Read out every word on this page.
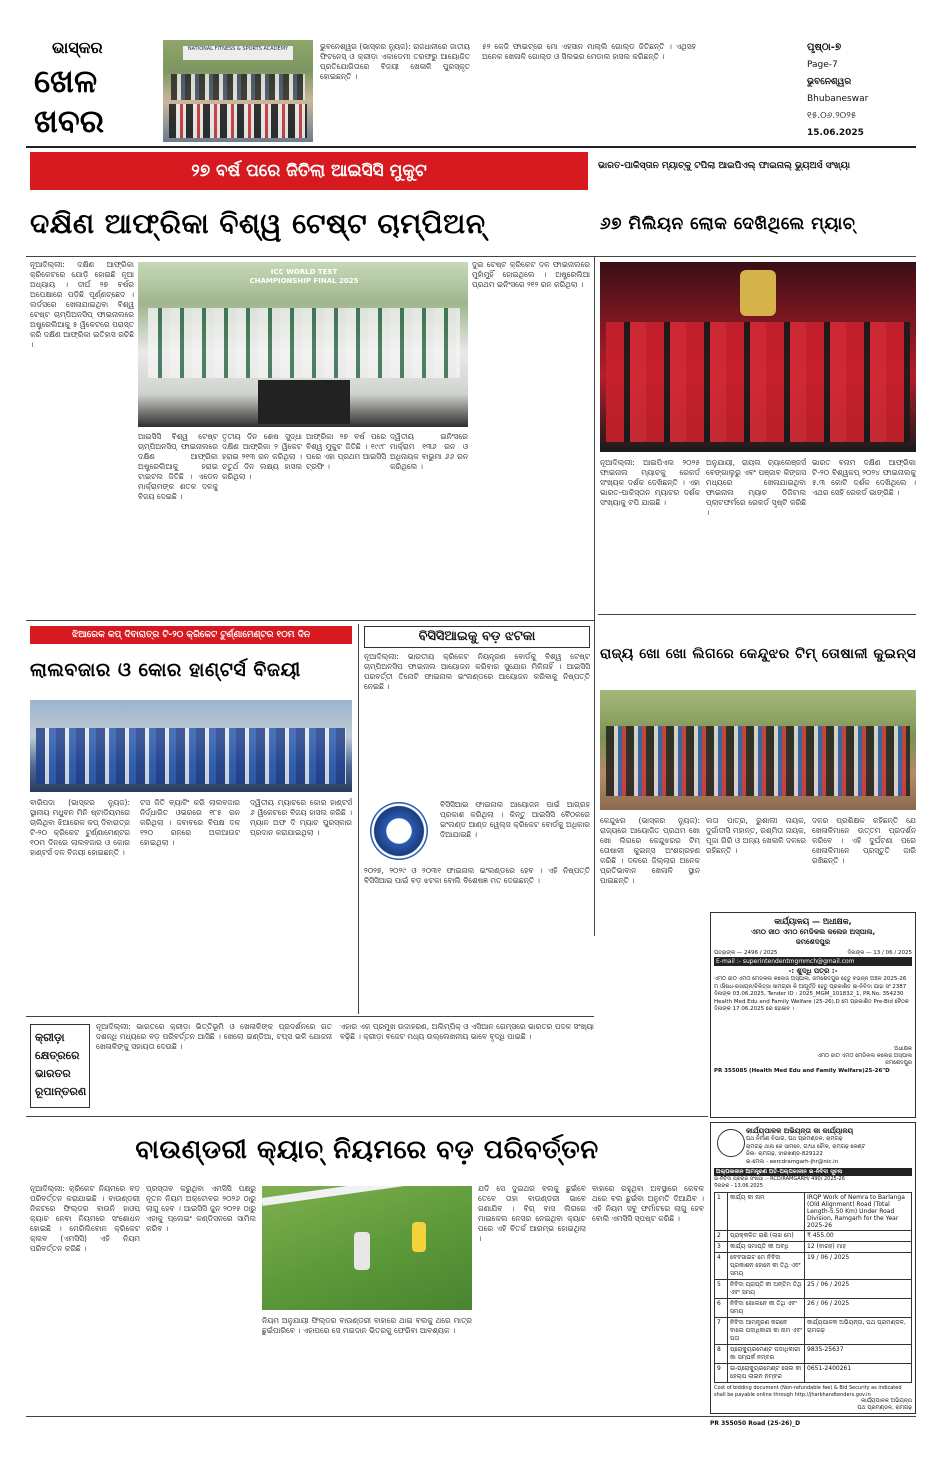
ଭାସ୍କର
ଖେଳ
ଖବର
NATIONAL FITNESS & SPORTS ACADEMY	ଭୁବନେଶ୍ୱର (ଭାସ୍କର ନ୍ୟୁଜ): ରାଜଧାନୀରେ ଜାତୀୟ ଫିଟନେସ୍ ଓ କ୍ରୀଡ଼ା ଏକାଡେମୀ ତରଫରୁ ଆୟୋଜିତ ପ୍ରତିଯୋଗିତାରେ ବିଜୟୀ ଖେଳାଳି ପୁରସ୍କୃତ ହୋଇଛନ୍ତି ।
୫୨ କେଜି ଫାଇଟ୍‌ରେ ମୋ ଏହସାନ ମାଲ୍ଲି ଗୋଲ୍ଡ ଜିତିଛନ୍ତି । ଏଥିସହ ଅନେକ ଖେଳାଳି ଗୋଲ୍ଡ ଓ ସିଲଭର ମେଡାଲ ହାସଲ କରିଛନ୍ତି ।
ପୃଷ୍ଠା-୭
Page-7
ଭୁବନେଶ୍ୱର
Bhubaneswar
୧୫.୦୬.୨୦୨୫
15.06.2025
୨୭ ବର୍ଷ ପରେ ଜିତିଲା ଆଇସିସି ମୁକୁଟ	ଭାରତ-ପାକିସ୍ତାନ ମ୍ୟାଚ୍‌କୁ ଟପିଲା ଆଇପିଏଲ୍ ଫାଇନାଲ୍ ଭ୍ୟୁଅର୍ସ ସଂଖ୍ୟା
ଦକ୍ଷିଣ ଆଫ୍ରିକା ବିଶ୍ୱ ଟେଷ୍ଟ ଚାମ୍ପିଅନ୍	୬୭ ମିଲିୟନ ଲୋକ ଦେଖିଥିଲେ ମ୍ୟାଚ୍
ନୂଆଦିଲ୍ଲୀ: ଦକ୍ଷିଣ ଆଫ୍ରିକା କ୍ରିକେଟରେ ଯୋଡ଼ି ହୋଇଛି ନୂଆ ଅଧ୍ୟାୟ । ଦୀର୍ଘ ୨୭ ବର୍ଷର ଅପେକ୍ଷାରେ ପଡ଼ିଛି ପୂର୍ଣ୍ଣଚ୍ଛେଦ । ଲର୍ଡସରେ ଖେଳାଯାଇଥିବା ବିଶ୍ୱ ଟେଷ୍ଟ ଚାମ୍ପିଅନସିପ୍ ଫାଇନାଲରେ ଅଷ୍ଟ୍ରେଲିଆକୁ ୫ ୱିକେଟରେ ପରାସ୍ତ କରି ଦକ୍ଷିଣ ଆଫ୍ରିକା ଇତିହାସ ରଚିଛି ।
ICC WORLD TEST CHAMPIONSHIP FINAL 2025
ଦୁଇ ଟେଷ୍ଟ କ୍ରିକେଟ ଦଳ ଫାଇନାଲରେ ମୁହାଁମୁହିଁ ହୋଇଥିଲେ । ଅଷ୍ଟ୍ରେଲିଆ ପ୍ରଥମ ଇନିଂସରେ ୨୧୨ ରନ କରିଥିଲା ।
ଆଇସିସି ବିଶ୍ୱ ଟେଷ୍ଟ ଚାମ୍ପିଅନସିପ୍ ଫାଇନାଲରେ ଦକ୍ଷିଣ ଆଫ୍ରିକା ଅଷ୍ଟ୍ରେଲିଆକୁ ହରାଇ ଟାଇଟଲ ଜିତିଛି । ଏଡେନ ମାର୍କ୍ରାମଙ୍କ ଶତକ ଦଳକୁ ବିଜୟ ଦେଇଛି ।
ତୃତୀୟ ଦିନ ଶେଷ ସୁଦ୍ଧା ଦକ୍ଷିଣ ଆଫ୍ରିକା ୨ ୱିକେଟ ହରାଇ ୨୧୩ ରନ କରିଥିଲା । ଚତୁର୍ଥ ଦିନ ଲକ୍ଷ୍ୟ ହାସଲ କରିଥିଲା ।
ଆଫ୍ରିକା ୨୭ ବର୍ଷ ପରେ ବିଶ୍ୱ ମୁକୁଟ ଜିତିଛି । ୧୯୯୮ ପରେ ଏହା ପ୍ରଥମ ଆଇସିସି ଟ୍ରଫି ।
ଦ୍ୱିତୀୟ ଇନିଂସରେ ମାର୍କ୍ରାମ ୧୩୬ ରନ ଓ ଅଧିନାୟକ ବାଭୁମା ୬୬ ରନ କରିଥିଲେ ।	ନୂଆଦିଲ୍ଲୀ: ଆଇପିଏଲ ୨୦୨୫ ଫାଇନାଲ ମ୍ୟାଚକୁ ରେକର୍ଡ ସଂଖ୍ୟକ ଦର୍ଶକ ଦେଖିଛନ୍ତି । ଏହା ଭାରତ-ପାକିସ୍ତାନ ମ୍ୟାଚର ଦର୍ଶକ ସଂଖ୍ୟାକୁ ଟପି ଯାଇଛି ।
ଅନୁଯାୟୀ, ରାୟଲ ଚ୍ୟାଲେଞ୍ଜର୍ସ ବେଙ୍ଗାଲୁରୁ ଏବଂ ପଞ୍ଜାବ କିଙ୍ଗସ ମଧ୍ୟରେ ଖେଳାଯାଇଥିବା ଫାଇନାଲ ମ୍ୟାଚ ଡିଜିଟାଲ ପ୍ଲାଟଫର୍ମରେ ରେକର୍ଡ ସୃଷ୍ଟି କରିଛି ।
ଭାରତ ବନାମ ଦକ୍ଷିଣ ଆଫ୍ରିକା ଟି-୨୦ ବିଶ୍ୱକପ୍ ୨୦୨୪ ଫାଇନାଲକୁ ୫.୩ କୋଟି ଦର୍ଶକ ଦେଖିଥିଲେ । ଏଥର ସେହି ରେକର୍ଡ ଭାଙ୍ଗିଛି ।
ଝିଆରେକ କପ୍ ଦିବାରାତ୍ର ଟି-୨୦ କ୍ରିକେଟ ଟୁର୍ଣ୍ଣାମେଣ୍ଟର ୧୦ମ ଦିନ
ଲାଲବଜାର ଓ କୋର ହାଣ୍ଟର୍ସ ବିଜୟୀ
ବାରିପଦା (ଭାସ୍କର ନ୍ୟୁଜ): ସ୍ଥାନୀୟ ମଧୁବନ ମିନି ଷ୍ଟାଡିୟମରେ ଚାଲିଥିବା ଝିଆରେକ କପ୍ ଦିବାରାତ୍ର ଟି-୨୦ କ୍ରିକେଟ ଟୁର୍ଣ୍ଣାମେଣ୍ଟର ୧୦ମ ଦିନରେ ଲାଲବଜାର ଓ କୋର ହାଣ୍ଟର୍ସ ଦଳ ବିଜୟୀ ହୋଇଛନ୍ତି ।
ଟସ ଜିତି ବ୍ୟାଟିଂ କରି ଲାଲବଜାର ନିର୍ଦ୍ଧାରିତ ଓଭରରେ ୧୮୫ ରନ କରିଥିଲା । ଜବାବରେ ବିପକ୍ଷ ଦଳ ୧୨୦ ରନରେ ଅଲଆଉଟ ହୋଇଥିଲା ।
ଦ୍ୱିତୀୟ ମ୍ୟାଚରେ କୋର ହାଣ୍ଟର୍ସ ୬ ୱିକେଟରେ ବିଜୟ ହାସଲ କରିଛି । ମ୍ୟାନ ଅଫ ଦି ମ୍ୟାଚ ପୁରସ୍କାର ପ୍ରଦାନ କରାଯାଇଥିଲା ।
ବିସିସିଆଇକୁ ବଡ଼ ଝଟକା
ନୂଆଦିଲ୍ଲୀ: ଭାରତୀୟ କ୍ରିକେଟ ନିୟନ୍ତ୍ରଣ ବୋର୍ଡକୁ ବିଶ୍ୱ ଟେଷ୍ଟ ଚାମ୍ପିଅନସିପ ଫାଇନାଲ ଆୟୋଜନ କରିବାର ସୁଯୋଗ ମିଳିନାହିଁ । ଆଇସିସି ପରବର୍ତ୍ତୀ ତିନୋଟି ଫାଇନାଲ ଇଂଲଣ୍ଡରେ ଆୟୋଜନ କରିବାକୁ ନିଷ୍ପତ୍ତି ନେଇଛି ।
ବିସିସିଆଇ ଫାଇନାଲ ଆୟୋଜନ ପାଇଁ ଆଗ୍ରହ ପ୍ରକାଶ କରିଥିଲା । କିନ୍ତୁ ଆଇସିସି ବୈଠକରେ ଇଂଲଣ୍ଡ ଆଣ୍ଡ ୱେଲ୍ସ କ୍ରିକେଟ ବୋର୍ଡକୁ ଅଧିକାର ଦିଆଯାଇଛି ।
୨୦୨୭, ୨୦୨୯ ଓ ୨୦୩୧ ଫାଇନାଲ ଇଂଲଣ୍ଡରେ ହେବ । ଏହି ନିଷ୍ପତ୍ତି ବିସିସିଆଇ ପାଇଁ ବଡ଼ ଝଟକା ବୋଲି ବିଶେଷଜ୍ଞ ମତ ଦେଇଛନ୍ତି ।
ରାଜ୍ୟ ଖୋ ଖୋ ଲିଗରେ କେନ୍ଦୁଝର ଟିମ୍ ତୋଷାଳୀ କୁଇନ୍ସ
କେନ୍ଦୁଝର (ଭାସ୍କର ନ୍ୟୁଜ): ରାଜ୍ୟରେ ଆୟୋଜିତ ପ୍ରଥମ ଖୋ ଖୋ ଲିଗରେ କେନ୍ଦୁଝରର ଟିମ୍ ତୋଷାଳୀ କୁଇନ୍ସ ଅଂଶଗ୍ରହଣ କରିଛି । ଦଳରେ ଜିଲ୍ଲାର ଅନେକ ପ୍ରତିଭାବାନ ଖେଳାଳି ସ୍ଥାନ ପାଇଛନ୍ତି ।
ଲତା ପାତ୍ର, ରୁଶାଲୀ ନାୟକ, ଦୁର୍ଗାଦୀସି ମହାନ୍ତ, ରଶ୍ମିତା ନାୟକ, ପୂଜା ଗିରି ଓ ଅନ୍ୟ ଖେଳାଳି ଦଳରେ ରହିଛନ୍ତି ।
ଦଳର ପ୍ରଶିକ୍ଷକ କହିଛନ୍ତି ଯେ ଖେଳାଳିମାନେ ଉତ୍ତମ ପ୍ରଦର୍ଶନ କରିବେ । ଏହି ଦୁର୍ଘଟଣା ପରେ ଖେଳାଳିମାନେ ପ୍ରସ୍ତୁତି ଜାରି ରଖିଛନ୍ତି ।
କାର୍ଯ୍ୟାଳୟ — ଅଧୀକ୍ଷକ,
ଏମ୦ ଜୀ୦ ଏମ୦ ମେଡିକଲ କଲେଜ ଅସ୍ପାଲ,
ଜମଶେଦପୁର
ପତ୍ରାଙ୍କ — 2496 / 2025	ଦିନାଙ୍କ — 13 / 06 / 2025
E-mail :- superintendentmgmmch@gmail.com
-: ଶୁଦ୍ଧି ପତ୍ର :-
ଏମ୦ ଜୀ୦ ଏମ୦ ମେଡିକଲ କଲେଜ ଅସ୍ପାଲ, ଜମଶେଦପୁର ହେତୁ ବିଭିନ୍ନ ଅଞ୍ଚଳ 2025-26 ମ ଔଷଧ-ରସାୟନ/ଚିକିତ୍ସା ସାମଗ୍ରୀ କି ଆପୂର୍ତ୍ତି ହେତୁ ପ୍ରକାଶିତ ଇ-ନିବିଦା ଯାହା ସଂ 2387 ଦିନାଙ୍କ 03.06.2025, Tender ID : 2025_MGM_101832_1, PR.No. 354230 Health Med Edu and Family Welfare (25-26).D ମେ ପ୍ରକାଶିତ Pre-Bid ବୈଠକ ଦିନାଙ୍କ 17.06.2025 ରେ ହୋଇବ ।
ଅଧୀକ୍ଷକ
ଏମ୦ ଜୀ୦ ଏମ୦ ମେଡିକଲ କଲେଜ ଅସ୍ପାଲ
ଜମଶେଦପୁର
PR 355085 (Health Med Edu and Family Welfare)25-26"D
କ୍ରୀଡ଼ା
କ୍ଷେତ୍ରରେ
ଭାରତର
ରୂପାନ୍ତରଣ
ନୂଆଦିଲ୍ଲୀ: ଭାରତରେ କ୍ରୀଡ଼ା ଭିତ୍ତିଭୂମି ଓ ଖେଳାଳିଙ୍କ ପ୍ରଦର୍ଶନରେ ଗତ ଦଶନ୍ଧି ମଧ୍ୟରେ ବଡ଼ ପରିବର୍ତ୍ତନ ଆସିଛି । ଖେଲୋ ଇଣ୍ଡିଆ, ଟପ୍ସ ଭଳି ଯୋଜନା ଖେଳାଳିଙ୍କୁ ସହାୟତା ଦେଉଛି ।
ଏହାର ଏକ ପ୍ରମୁଖ ଉଦାହରଣ, ଅଲିମ୍ପିକ୍ ଓ ଏସିଆନ ଗେମ୍ସରେ ଭାରତର ପଦକ ସଂଖ୍ୟା ବଢ଼ିଛି । କ୍ରୀଡ଼ା ବଜେଟ ମଧ୍ୟ ଉଲ୍ଲେଖନୀୟ ଭାବେ ବୃଦ୍ଧି ପାଇଛି ।
ବାଉଣ୍ଡରୀ କ୍ୟାଚ୍ ନିୟମରେ ବଡ଼ ପରିବର୍ତ୍ତନ
ନୂଆଦିଲ୍ଲୀ: କ୍ରିକେଟ ନିୟମରେ ବଡ଼ ପରିବର୍ତ୍ତନ କରାଯାଇଛି । ବାଉଣ୍ଡରୀ ନିକଟରେ ଫିଲ୍ଡର ବାଉନି ହାଓପ୍ କ୍ୟାଚ ନେବା ନିୟମରେ ସଂଶୋଧନ ହୋଇଛି । ମେରିଲିବୋନ କ୍ରିକେଟ କ୍ଲବ (ଏମସିସି) ଏହି ନିୟମ ପରିବର୍ତ୍ତନ କରିଛି ।
ପ୍ରସ୍ତାବ କରୁଥିବା ଏମସିସି ପକ୍ଷରୁ ନୂତନ ନିୟମ ଅକ୍ଟୋବର ୨୦୨୬ ଠାରୁ ଲାଗୁ ହେବ । ଆଇସିସି ଜୁନ ୨୦୨୫ ଠାରୁ ଏହାକୁ ପ୍ଲେଇଂ କଣ୍ଡିସନରେ ସାମିଲ କରିବ ।
ନିୟମ ଅନୁଯାୟୀ ଫିଲ୍ଡର ବାଉଣ୍ଡରୀ ବାହାରେ ଥାଇ ବଲକୁ ଥରେ ମାତ୍ର ଛୁଇଁପାରିବେ । ଏହାପରେ ସେ ମଇଦାନ ଭିତରକୁ ଫେରିବା ଆବଶ୍ୟକ ।
ଯଦି ସେ ଦୁଇଥର ବଲକୁ ଛୁଇଁବେ ତେବେ ତାହା ବାଉଣ୍ଡରୀ ଭାବେ ଗଣାଯିବ । ବିଗ୍ ବାସ ଲିଗରେ ମାଇକେଲ ନେସର ନେଇଥିବା କ୍ୟାଚ ପରେ ଏହି ବିତର୍କ ଆରମ୍ଭ ହୋଇଥିଲା ।
ବାହାରେ ରହୁଥିବା ଅବସ୍ଥାରେ କେବଳ ଥରେ ବଲ ଛୁଇଁବା ଅନୁମତି ଦିଆଯିବ । ଏହି ନିୟମ ସବୁ ଫର୍ମାଟରେ ଲାଗୁ ହେବ ବୋଲି ଏମସିସି ସ୍ପଷ୍ଟ କରିଛି ।
କାର୍ଯ୍ୟପାଳକ ଅଭିୟନ୍ତା କା କାର୍ଯ୍ୟାଳୟ
ପଥ ନିର୍ମାଣ ବିଭାଗ, ପଥ ପ୍ରମଣ୍ଡଳ, ରାମଗଢ଼
ରାମଗଢ଼ ଥାନା କେ ସାମନେ, ଗାଂଧୀ ଚୌକ, ରାମଗଢ଼ କେଣ୍ଟ
ଜିଲା- ରାମଗଢ଼, ଝାରଖଣ୍ଡ-829122
ଇ-ମେଲ - eercdramgarh-jhr@nic.in
ଅଲ୍ପକାଳୀନ ଆମନ୍ତ୍ରଣ ଅତି-ଅଲ୍ପକାଳୀନ ଇ-ନିବିଦା ସୂଚନା
ଇ-ନିବିଦା ପ୍ରଚାର ସଂଖ୍ୟା :- RCD/RAMGARH/ 490/ 2025-26
ଦିନାଙ୍କ - 13.06.2025
1	କାର୍ଯ୍ୟ କା ନାମ	IRQP Work of Nemra to Barlanga (Old Alignment) Road (Total Length-5.50 Km) Under Road Division, Ramgarh for the Year 2025-26
2	ପ୍ରାକ୍କଳିତ ରାଶି (ଲାଖ ମେ)	₹ 455.00
3	କାର୍ଯ୍ୟ ସମାପ୍ତି କୀ ଅବଧି	12 (ବାରହ) ମାହ
4	ବେବସାଇଟ ମେ ନିବିଦା ପ୍ରକାଶନ ହୋନେ କୀ ତିଥି ଏବଂ ସମୟ	19 / 06 / 2025
5	ନିବିଦା ପ୍ରାପ୍ତି କୀ ଅନ୍ତିମ ତିଥି ଏବଂ ସମୟ	25 / 06 / 2025
6	ନିବିଦା ଖୋଲନେ କୀ ତିଥି ଏବଂ ସମୟ	26 / 06 / 2025
7	ନିବିଦା ଆମନ୍ତ୍ରଣ କରନେ ବାଲେ ପଦାଧିକାରୀ କା ନାମ ଏବଂ ପତା	କାର୍ଯ୍ୟପାଳକ ଅଭିୟନ୍ତା, ପଥ ପ୍ରମଣ୍ଡଳ, ରାମଗଢ଼
8	ପ୍ରୋକ୍ୟୁରମେଣ୍ଟ ପଦାଧିକାରୀ କା ସମ୍ପର୍କ ନମ୍ବର	9835-25637
9	ଇ-ପ୍ରୋକ୍ୟୁରମେଣ୍ଟ ସେଲ କା ହେଲ୍ପ ଲାଇନ ନମ୍ବର	0651-2400261
Cost of bidding document (Non-refundable fee) & Bid Security as indicated shall be payable online through http://jharkhandtenders.gov.in
କାର୍ଯ୍ୟପାଳକ ଅଭିୟନ୍ତା
ପଥ ପ୍ରମଣ୍ଡଳ, ରାମଗଢ଼
PR 355050 Road (25-26)_D
